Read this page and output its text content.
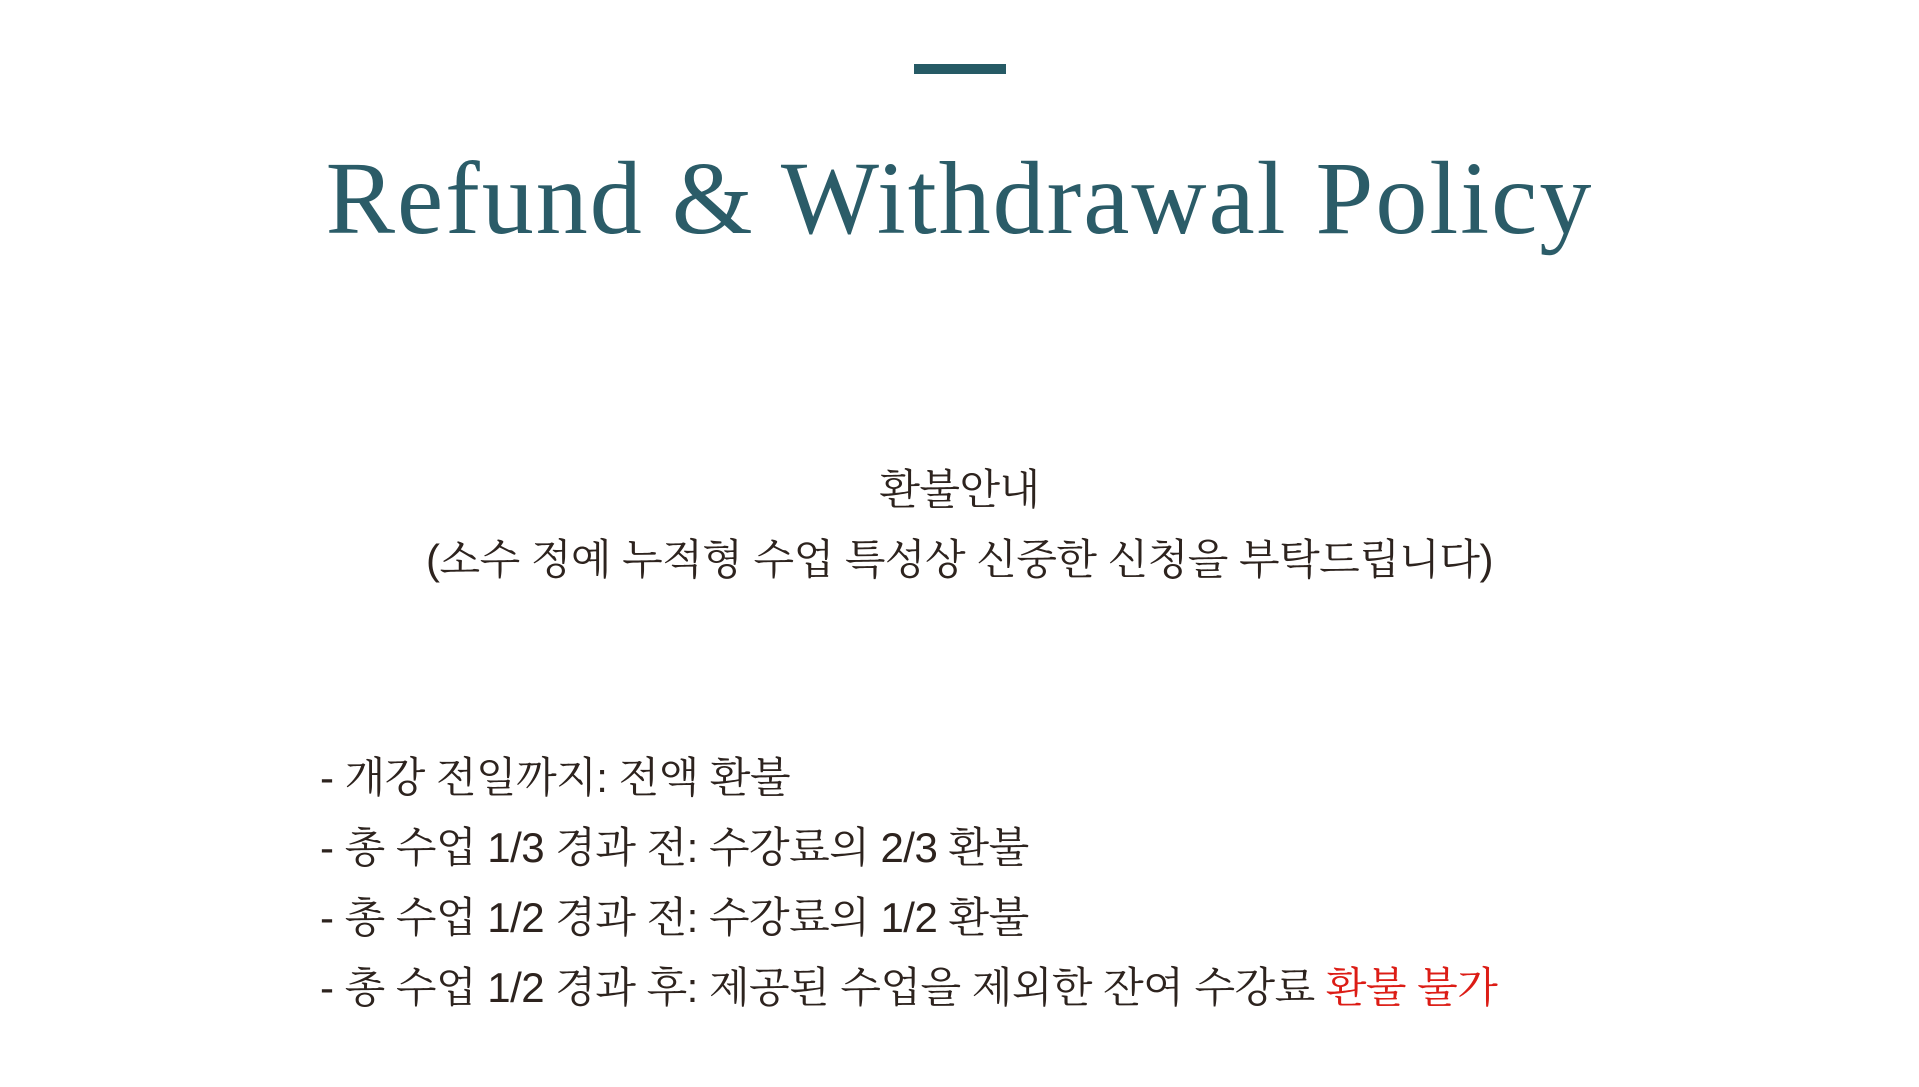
Refund & Withdrawal Policy
환불안내
(소수 정예 누적형 수업 특성상 신중한 신청을 부탁드립니다)
- 개강 전일까지: 전액 환불
- 총 수업 1/3 경과 전: 수강료의 2/3 환불
- 총 수업 1/2 경과 전: 수강료의 1/2 환불
- 총 수업 1/2 경과 후: 제공된 수업을 제외한 잔여 수강료 환불 불가
